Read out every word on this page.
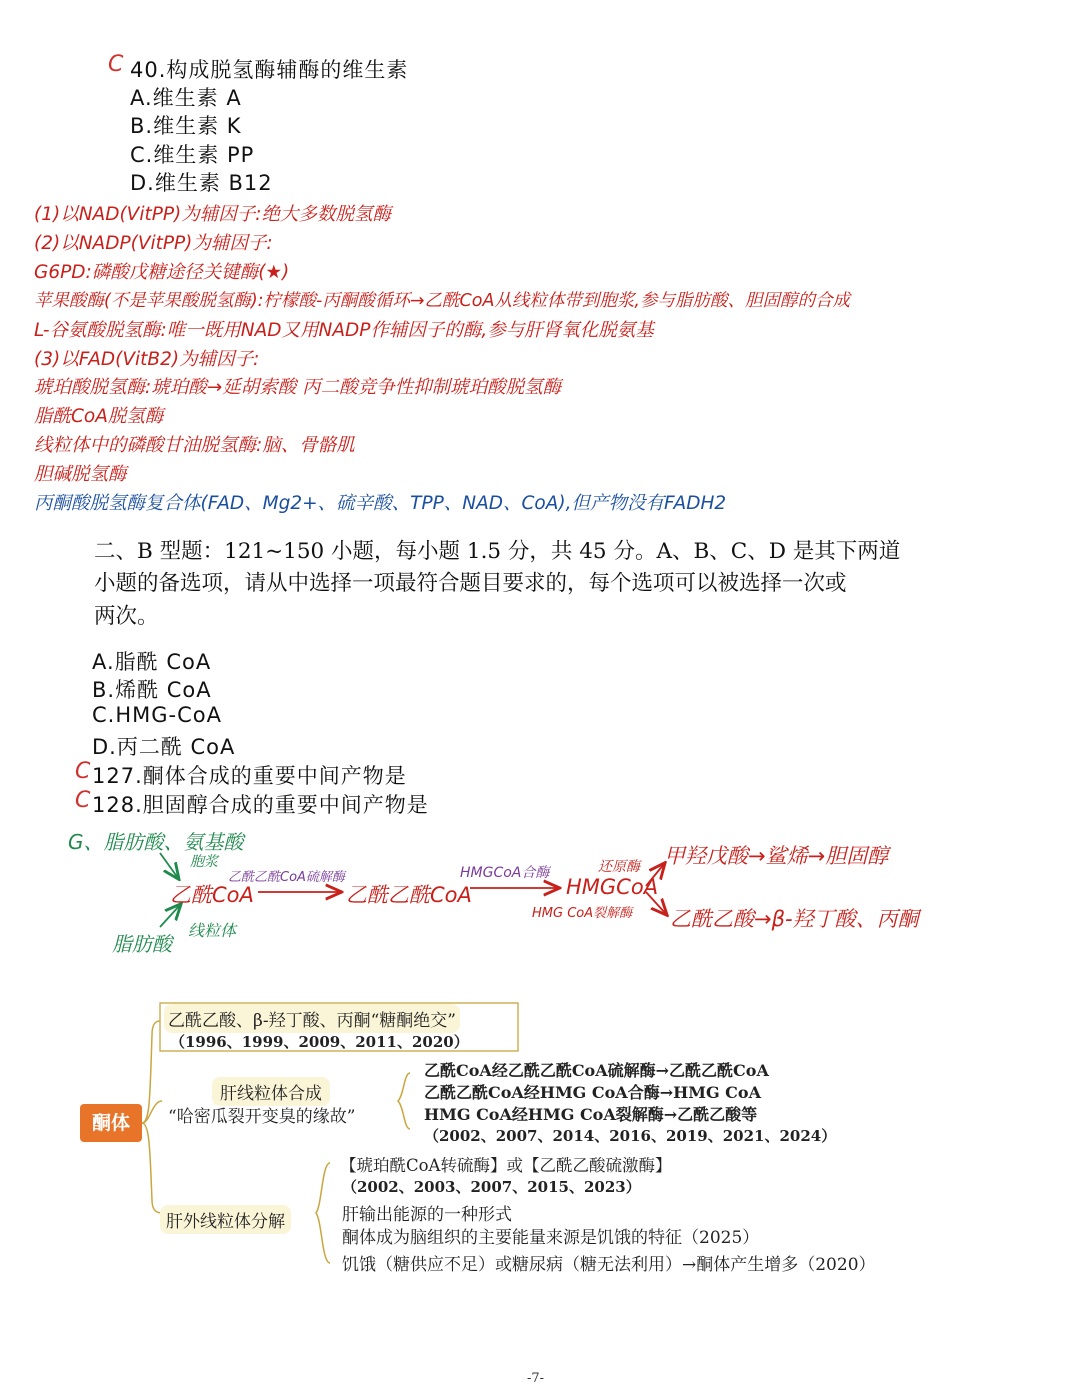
C 40.构成脱氢酶辅酶的维生素
A.维生素 A
B.维生素 K
C.维生素 PP
D.维生素 B12
(1)以NAD(VitPP)为辅因子:绝大多数脱氢酶
(2)以NADP(VitPP)为辅因子:
G6PD:磷酸戊糖途径关键酶(★)
苹果酸酶(不是苹果酸脱氢酶):柠檬酸-丙酮酸循环→乙酰CoA从线粒体带到胞浆,参与脂肪酸、胆固醇的合成
L-谷氨酸脱氢酶:唯一既用NAD又用NADP作辅因子的酶,参与肝肾氧化脱氨基
(3)以FAD(VitB2)为辅因子:
琥珀酸脱氢酶:琥珀酸→延胡索酸 丙二酸竞争性抑制琥珀酸脱氢酶
脂酰CoA脱氢酶
线粒体中的磷酸甘油脱氢酶:脑、骨骼肌
胆碱脱氢酶
丙酮酸脱氢酶复合体(FAD、Mg2+、硫辛酸、TPP、NAD、CoA),但产物没有FADH2
二、B 型题：121~150 小题，每小题 1.5 分，共 45 分。A、B、C、D 是其下两道
小题的备选项，请从中选择一项最符合题目要求的，每个选项可以被选择一次或
两次。
A.脂酰 CoA
B.烯酰 CoA
C.HMG-CoA
D.丙二酰 CoA
C 127.酮体合成的重要中间产物是
C 128.胆固醇合成的重要中间产物是
G、脂肪酸、氨基酸
胞浆
乙酰CoA
线粒体
脂肪酸
乙酰乙酰CoA硫解酶
乙酰乙酰CoA
HMGCoA合酶
HMGCoA
还原酶 甲羟戊酸→鲨烯→胆固醇
HMG CoA裂解酶 乙酰乙酸→β-羟丁酸、丙酮
酮体
乙酰乙酸、β-羟丁酸、丙酮“糖酮绝交”
（1996、1999、2009、2011、2020）
肝线粒体合成
“哈密瓜裂开变臭的缘故”
乙酰CoA经乙酰乙酰CoA硫解酶→乙酰乙酰CoA
乙酰乙酰CoA经HMG CoA合酶→HMG CoA
HMG CoA经HMG CoA裂解酶→乙酰乙酸等
（2002、2007、2014、2016、2019、2021、2024）
肝外线粒体分解
【琥珀酰CoA转硫酶】或【乙酰乙酸硫激酶】
（2002、2003、2007、2015、2023）
肝输出能源的一种形式
酮体成为脑组织的主要能量来源是饥饿的特征（2025）
饥饿（糖供应不足）或糖尿病（糖无法利用）→酮体产生增多（2020）
-7-
